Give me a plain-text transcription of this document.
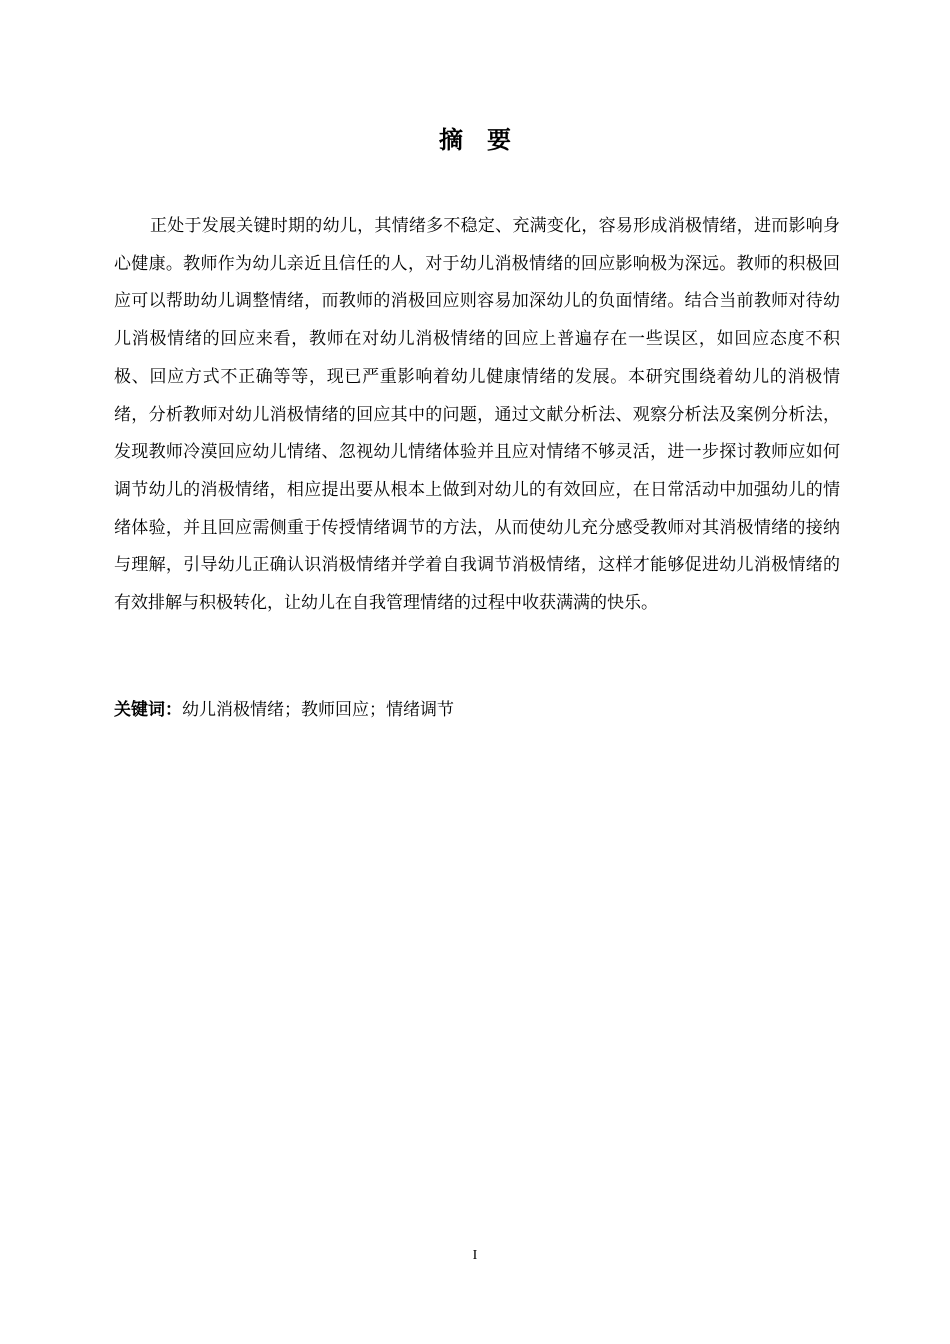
摘要

正处于发展关键时期的幼儿，其情绪多不稳定、充满变化，容易形成消极情绪，进而影响身心健康。教师作为幼儿亲近且信任的人，对于幼儿消极情绪的回应影响极为深远。教师的积极回应可以帮助幼儿调整情绪，而教师的消极回应则容易加深幼儿的负面情绪。结合当前教师对待幼儿消极情绪的回应来看，教师在对幼儿消极情绪的回应上普遍存在一些误区，如回应态度不积极、回应方式不正确等等，现已严重影响着幼儿健康情绪的发展。本研究围绕着幼儿的消极情绪，分析教师对幼儿消极情绪的回应其中的问题，通过文献分析法、观察分析法及案例分析法，发现教师冷漠回应幼儿情绪、忽视幼儿情绪体验并且应对情绪不够灵活，进一步探讨教师应如何调节幼儿的消极情绪，相应提出要从根本上做到对幼儿的有效回应，在日常活动中加强幼儿的情绪体验，并且回应需侧重于传授情绪调节的方法，从而使幼儿充分感受教师对其消极情绪的接纳与理解，引导幼儿正确认识消极情绪并学着自我调节消极情绪，这样才能够促进幼儿消极情绪的有效排解与积极转化，让幼儿在自我管理情绪的过程中收获满满的快乐。

关键词：幼儿消极情绪；教师回应；情绪调节

I
